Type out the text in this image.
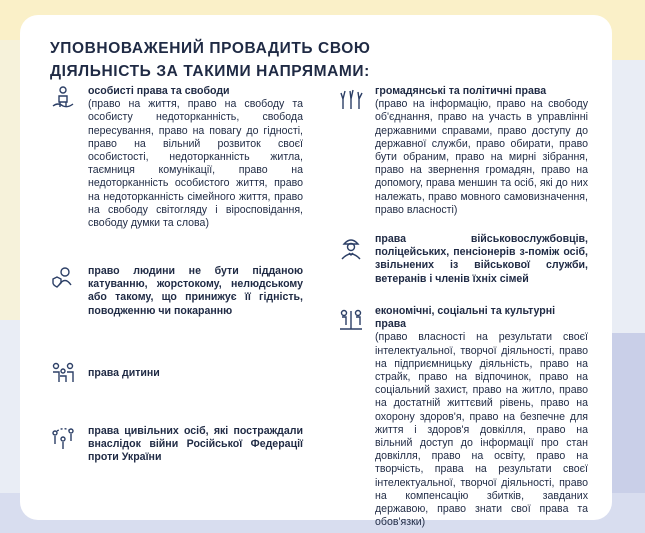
УПОВНОВАЖЕНИЙ ПРОВАДИТЬ СВОЮ
ДІЯЛЬНІСТЬ ЗА ТАКИМИ НАПРЯМАМИ:
особисті права та свободи
(право на життя, право на свободу та особисту недоторканність, свобода пересування, право на повагу до гідності, право на вільний розвиток своєї особистості, недоторканність житла, таємниця комунікації, право на недоторканність особистого життя, право на недоторканність сімейного життя, право на свободу світогляду і віросповідання, свободу думки та слова)
право людини не бути підданою катуванню, жорстокому, нелюдському або такому, що принижує її гідність, поводженню чи покаранню
права дитини
права цивільних осіб, які постраждали внаслідок війни Російської Федерації проти України
громадянські та політичні права
(право на інформацію, право на свободу об'єднання, право на участь в управлінні державними справами, право доступу до державної служби, право обирати, право бути обраним, право на мирні зібрання, право на звернення громадян, право на допомогу, права меншин та осіб, які до них належать, право мовного самовизначення, право власності)
права військовослужбовців, поліцейських, пенсіонерів з-поміж осіб, звільнених із військової служби, ветеранів і членів їхніх сімей
економічні, соціальні та культурні права
(право власності на результати своєї інтелектуальної, творчої діяльності, право на підприємницьку діяльність, право на страйк, право на відпочинок, право на соціальний захист, право на житло, право на достатній життєвий рівень, право на охорону здоров'я, право на безпечне для життя і здоров'я довкілля, право на вільний доступ до інформації про стан довкілля, право на освіту, право на творчість, права на результати своєї інтелектуальної, творчої діяльності, право на компенсацію збитків, завданих державою, право знати свої права та обов'язки)
